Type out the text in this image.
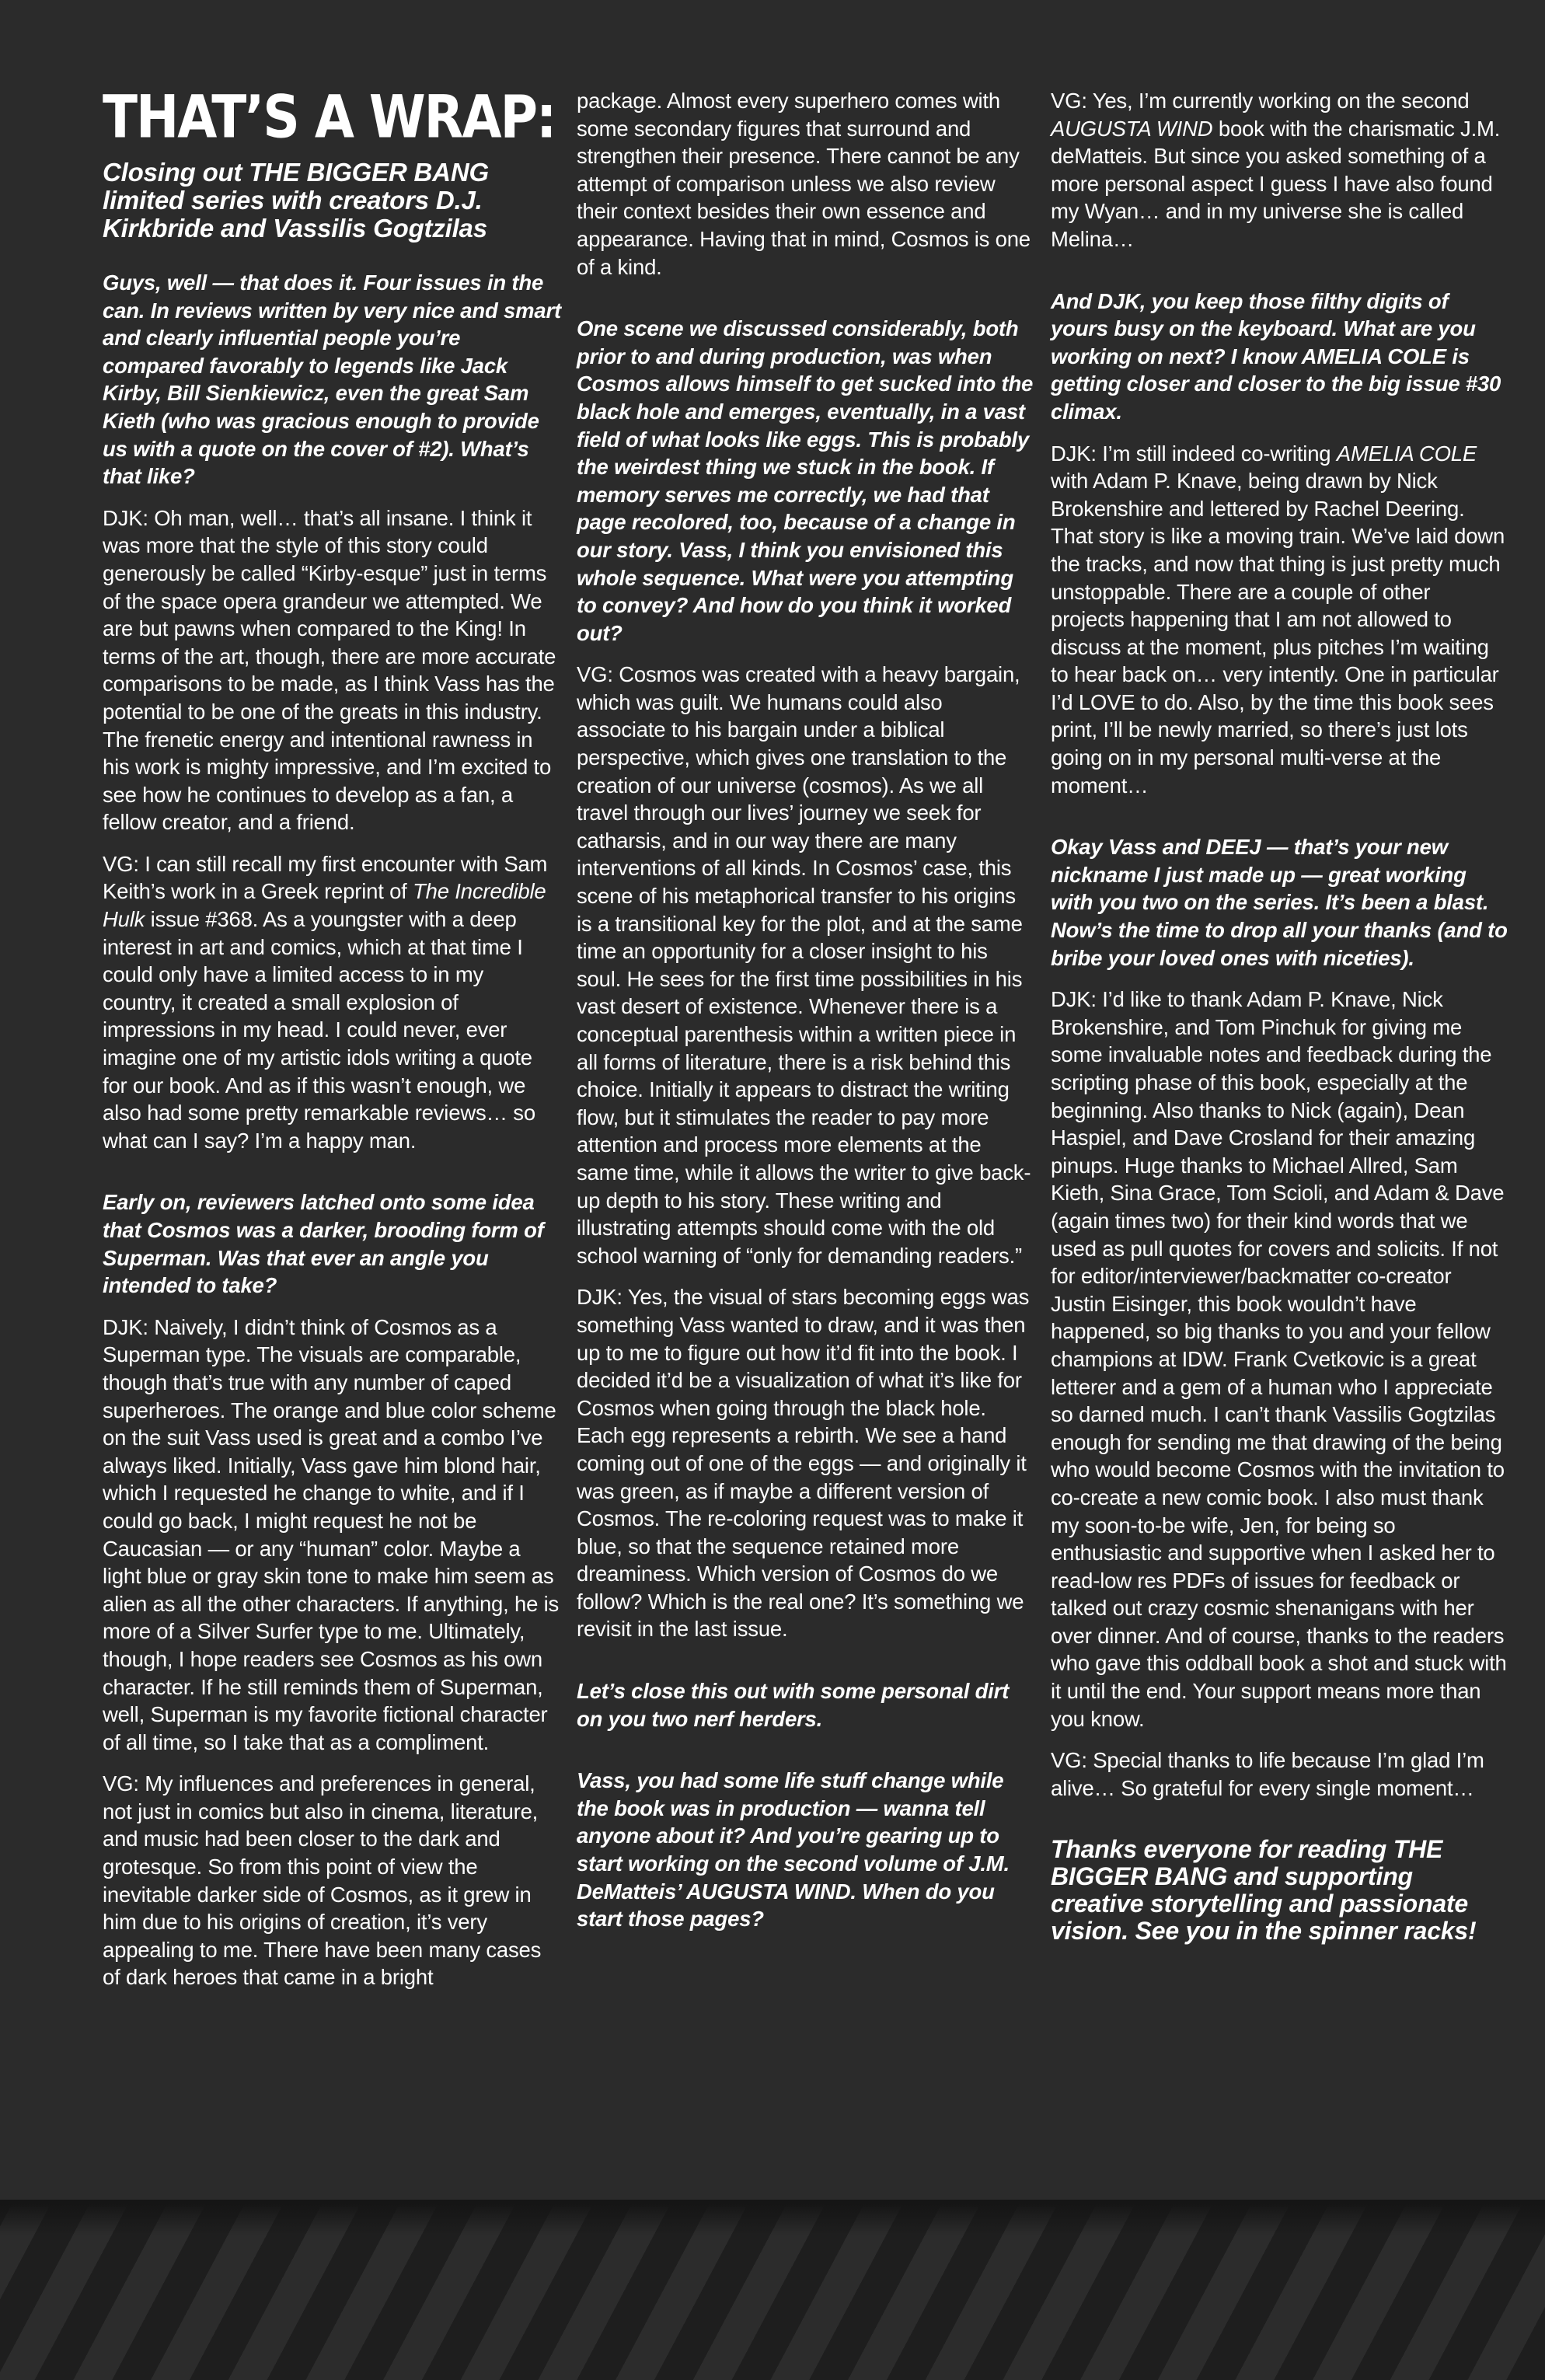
THAT’S A WRAP:
Closing out THE BIGGER BANG limited series with creators D.J. Kirkbride and Vassilis Gogtzilas

Guys, well — that does it. Four issues in the can. In reviews written by very nice and smart and clearly influential people you’re compared favorably to legends like Jack Kirby, Bill Sienkiewicz, even the great Sam Kieth (who was gracious enough to provide us with a quote on the cover of #2). What’s that like?

DJK: Oh man, well… that’s all insane. I think it was more that the style of this story could generously be called “Kirby-esque” just in terms of the space opera grandeur we attempted. We are but pawns when compared to the King! In terms of the art, though, there are more accurate comparisons to be made, as I think Vass has the potential to be one of the greats in this industry. The frenetic energy and intentional rawness in his work is mighty impressive, and I’m excited to see how he continues to develop as a fan, a fellow creator, and a friend.

VG: I can still recall my first encounter with Sam Keith’s work in a Greek reprint of The Incredible Hulk issue #368. As a youngster with a deep interest in art and comics, which at that time I could only have a limited access to in my country, it created a small explosion of impressions in my head. I could never, ever imagine one of my artistic idols writing a quote for our book. And as if this wasn’t enough, we also had some pretty remarkable reviews… so what can I say? I’m a happy man.

Early on, reviewers latched onto some idea that Cosmos was a darker, brooding form of Superman. Was that ever an angle you intended to take?

DJK: Naively, I didn’t think of Cosmos as a Superman type. The visuals are comparable, though that’s true with any number of caped superheroes. The orange and blue color scheme on the suit Vass used is great and a combo I’ve always liked. Initially, Vass gave him blond hair, which I requested he change to white, and if I could go back, I might request he not be Caucasian — or any “human” color. Maybe a light blue or gray skin tone to make him seem as alien as all the other characters. If anything, he is more of a Silver Surfer type to me. Ultimately, though, I hope readers see Cosmos as his own character. If he still reminds them of Superman, well, Superman is my favorite fictional character of all time, so I take that as a compliment.

VG: My influences and preferences in general, not just in comics but also in cinema, literature, and music had been closer to the dark and grotesque. So from this point of view the inevitable darker side of Cosmos, as it grew in him due to his origins of creation, it’s very appealing to me. There have been many cases of dark heroes that came in a bright

package. Almost every superhero comes with some secondary figures that surround and strengthen their presence. There cannot be any attempt of comparison unless we also review their context besides their own essence and appearance. Having that in mind, Cosmos is one of a kind.

One scene we discussed considerably, both prior to and during production, was when Cosmos allows himself to get sucked into the black hole and emerges, eventually, in a vast field of what looks like eggs. This is probably the weirdest thing we stuck in the book. If memory serves me correctly, we had that page recolored, too, because of a change in our story. Vass, I think you envisioned this whole sequence. What were you attempting to convey? And how do you think it worked out?

VG: Cosmos was created with a heavy bargain, which was guilt. We humans could also associate to his bargain under a biblical perspective, which gives one translation to the creation of our universe (cosmos). As we all travel through our lives’ journey we seek for catharsis, and in our way there are many interventions of all kinds. In Cosmos’ case, this scene of his metaphorical transfer to his origins is a transitional key for the plot, and at the same time an opportunity for a closer insight to his soul. He sees for the first time possibilities in his vast desert of existence. Whenever there is a conceptual parenthesis within a written piece in all forms of literature, there is a risk behind this choice. Initially it appears to distract the writing flow, but it stimulates the reader to pay more attention and process more elements at the same time, while it allows the writer to give back-up depth to his story. These writing and illustrating attempts should come with the old school warning of “only for demanding readers.”

DJK: Yes, the visual of stars becoming eggs was something Vass wanted to draw, and it was then up to me to figure out how it’d fit into the book. I decided it’d be a visualization of what it’s like for Cosmos when going through the black hole. Each egg represents a rebirth. We see a hand coming out of one of the eggs — and originally it was green, as if maybe a different version of Cosmos. The re-coloring request was to make it blue, so that the sequence retained more dreaminess. Which version of Cosmos do we follow? Which is the real one? It’s something we revisit in the last issue.

Let’s close this out with some personal dirt on you two nerf herders.

Vass, you had some life stuff change while the book was in production — wanna tell anyone about it? And you’re gearing up to start working on the second volume of J.M. DeMatteis’ AUGUSTA WIND. When do you start those pages?

VG: Yes, I’m currently working on the second AUGUSTA WIND book with the charismatic J.M. deMatteis. But since you asked something of a more personal aspect I guess I have also found my Wyan… and in my universe she is called Melina…

And DJK, you keep those filthy digits of yours busy on the keyboard. What are you working on next? I know AMELIA COLE is getting closer and closer to the big issue #30 climax.

DJK: I’m still indeed co-writing AMELIA COLE with Adam P. Knave, being drawn by Nick Brokenshire and lettered by Rachel Deering. That story is like a moving train. We’ve laid down the tracks, and now that thing is just pretty much unstoppable. There are a couple of other projects happening that I am not allowed to discuss at the moment, plus pitches I’m waiting to hear back on… very intently. One in particular I’d LOVE to do. Also, by the time this book sees print, I’ll be newly married, so there’s just lots going on in my personal multi-verse at the moment…

Okay Vass and DEEJ — that’s your new nickname I just made up — great working with you two on the series. It’s been a blast. Now’s the time to drop all your thanks (and to bribe your loved ones with niceties).

DJK: I’d like to thank Adam P. Knave, Nick Brokenshire, and Tom Pinchuk for giving me some invaluable notes and feedback during the scripting phase of this book, especially at the beginning. Also thanks to Nick (again), Dean Haspiel, and Dave Crosland for their amazing pinups. Huge thanks to Michael Allred, Sam Kieth, Sina Grace, Tom Scioli, and Adam & Dave (again times two) for their kind words that we used as pull quotes for covers and solicits. If not for editor/interviewer/backmatter co-creator Justin Eisinger, this book wouldn’t have happened, so big thanks to you and your fellow champions at IDW. Frank Cvetkovic is a great letterer and a gem of a human who I appreciate so darned much. I can’t thank Vassilis Gogtzilas enough for sending me that drawing of the being who would become Cosmos with the invitation to co-create a new comic book. I also must thank my soon-to-be wife, Jen, for being so enthusiastic and supportive when I asked her to read-low res PDFs of issues for feedback or talked out crazy cosmic shenanigans with her over dinner. And of course, thanks to the readers who gave this oddball book a shot and stuck with it until the end. Your support means more than you know.

VG: Special thanks to life because I’m glad I’m alive… So grateful for every single moment…

Thanks everyone for reading THE BIGGER BANG and supporting creative storytelling and passionate vision. See you in the spinner racks!
